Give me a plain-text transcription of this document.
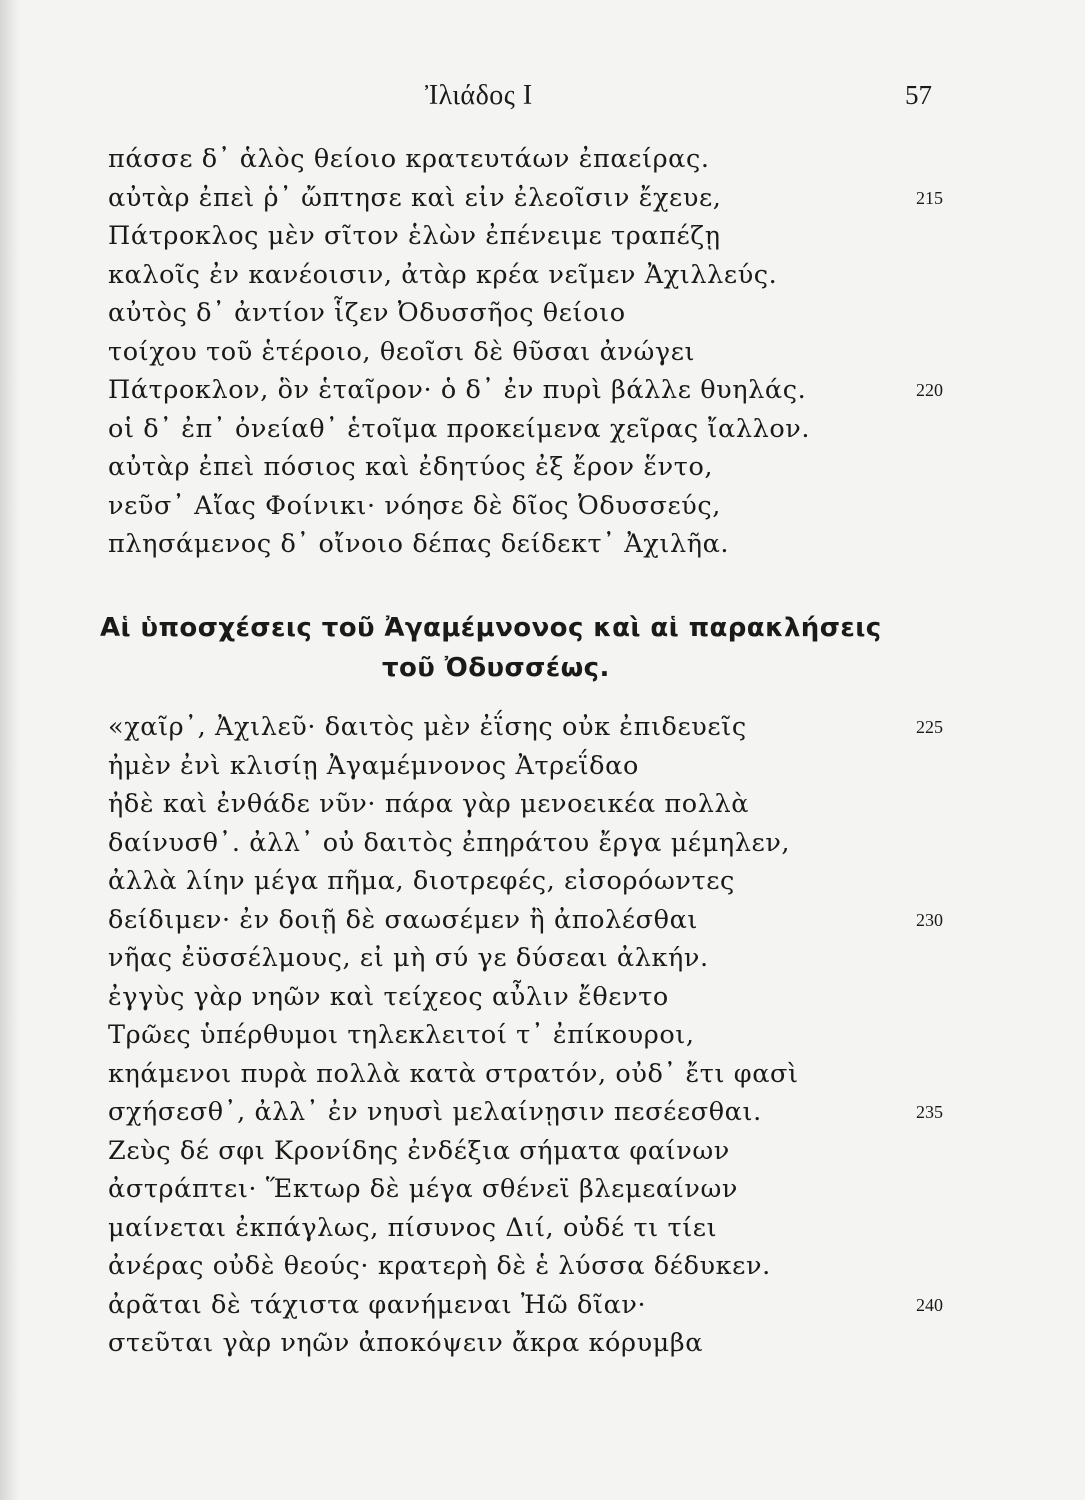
Ἰλιάδος Ι	57
πάσσε δ᾽ ἁλὸς θείοιο κρατευτάων ἐπαείρας.
αὐτὰρ ἐπεὶ ῥ᾽ ὤπτησε καὶ εἰν ἐλεοῖσιν ἔχευε,	215
Πάτροκλος μὲν σῖτον ἑλὼν ἐπένειμε τραπέζῃ
καλοῖς ἐν κανέοισιν, ἀτὰρ κρέα νεῖμεν Ἀχιλλεύς.
αὐτὸς δ᾽ ἀντίον ἷζεν Ὀδυσσῆος θείοιο
τοίχου τοῦ ἑτέροιο, θεοῖσι δὲ θῦσαι ἀνώγει
Πάτροκλον, ὃν ἑταῖρον· ὁ δ᾽ ἐν πυρὶ βάλλε θυηλάς.	220
οἱ δ᾽ ἐπ᾽ ὀνείαθ᾽ ἑτοῖμα προκείμενα χεῖρας ἴαλλον.
αὐτὰρ ἐπεὶ πόσιος καὶ ἐδητύος ἐξ ἔρον ἕντο,
νεῦσ᾽ Αἴας Φοίνικι· νόησε δὲ δῖος Ὀδυσσεύς,
πλησάμενος δ᾽ οἴνοιο δέπας δείδεκτ᾽ Ἀχιλῆα.
Αἱ ὑποσχέσεις τοῦ Ἀγαμέμνονος καὶ αἱ παρακλήσεις
τοῦ Ὀδυσσέως.
«χαῖρ᾽, Ἀχιλεῦ· δαιτὸς μὲν ἐΐσης οὐκ ἐπιδευεῖς	225
ἠμὲν ἐνὶ κλισίῃ Ἀγαμέμνονος Ἀτρεΐδαο
ἠδὲ καὶ ἐνθάδε νῦν· πάρα γὰρ μενοεικέα πολλὰ
δαίνυσθ᾽. ἀλλ᾽ οὐ δαιτὸς ἐπηράτου ἔργα μέμηλεν,
ἀλλὰ λίην μέγα πῆμα, διοτρεφές, εἰσορόωντες
δείδιμεν· ἐν δοιῇ δὲ σαωσέμεν ἢ ἀπολέσθαι	230
νῆας ἐϋσσέλμους, εἰ μὴ σύ γε δύσεαι ἀλκήν.
ἐγγὺς γὰρ νηῶν καὶ τείχεος αὖλιν ἔθεντο
Τρῶες ὑπέρθυμοι τηλεκλειτοί τ᾽ ἐπίκουροι,
κηάμενοι πυρὰ πολλὰ κατὰ στρατόν, οὐδ᾽ ἔτι φασὶ
σχήσεσθ᾽, ἀλλ᾽ ἐν νηυσὶ μελαίνῃσιν πεσέεσθαι.	235
Ζεὺς δέ σφι Κρονίδης ἐνδέξια σήματα φαίνων
ἀστράπτει· Ἕκτωρ δὲ μέγα σθένεϊ βλεμεαίνων
μαίνεται ἐκπάγλως, πίσυνος Διί, οὐδέ τι τίει
ἀνέρας οὐδὲ θεούς· κρατερὴ δὲ ἑ λύσσα δέδυκεν.
ἀρᾶται δὲ τάχιστα φανήμεναι Ἠῶ δῖαν·	240
στεῦται γὰρ νηῶν ἀποκόψειν ἄκρα κόρυμβα
